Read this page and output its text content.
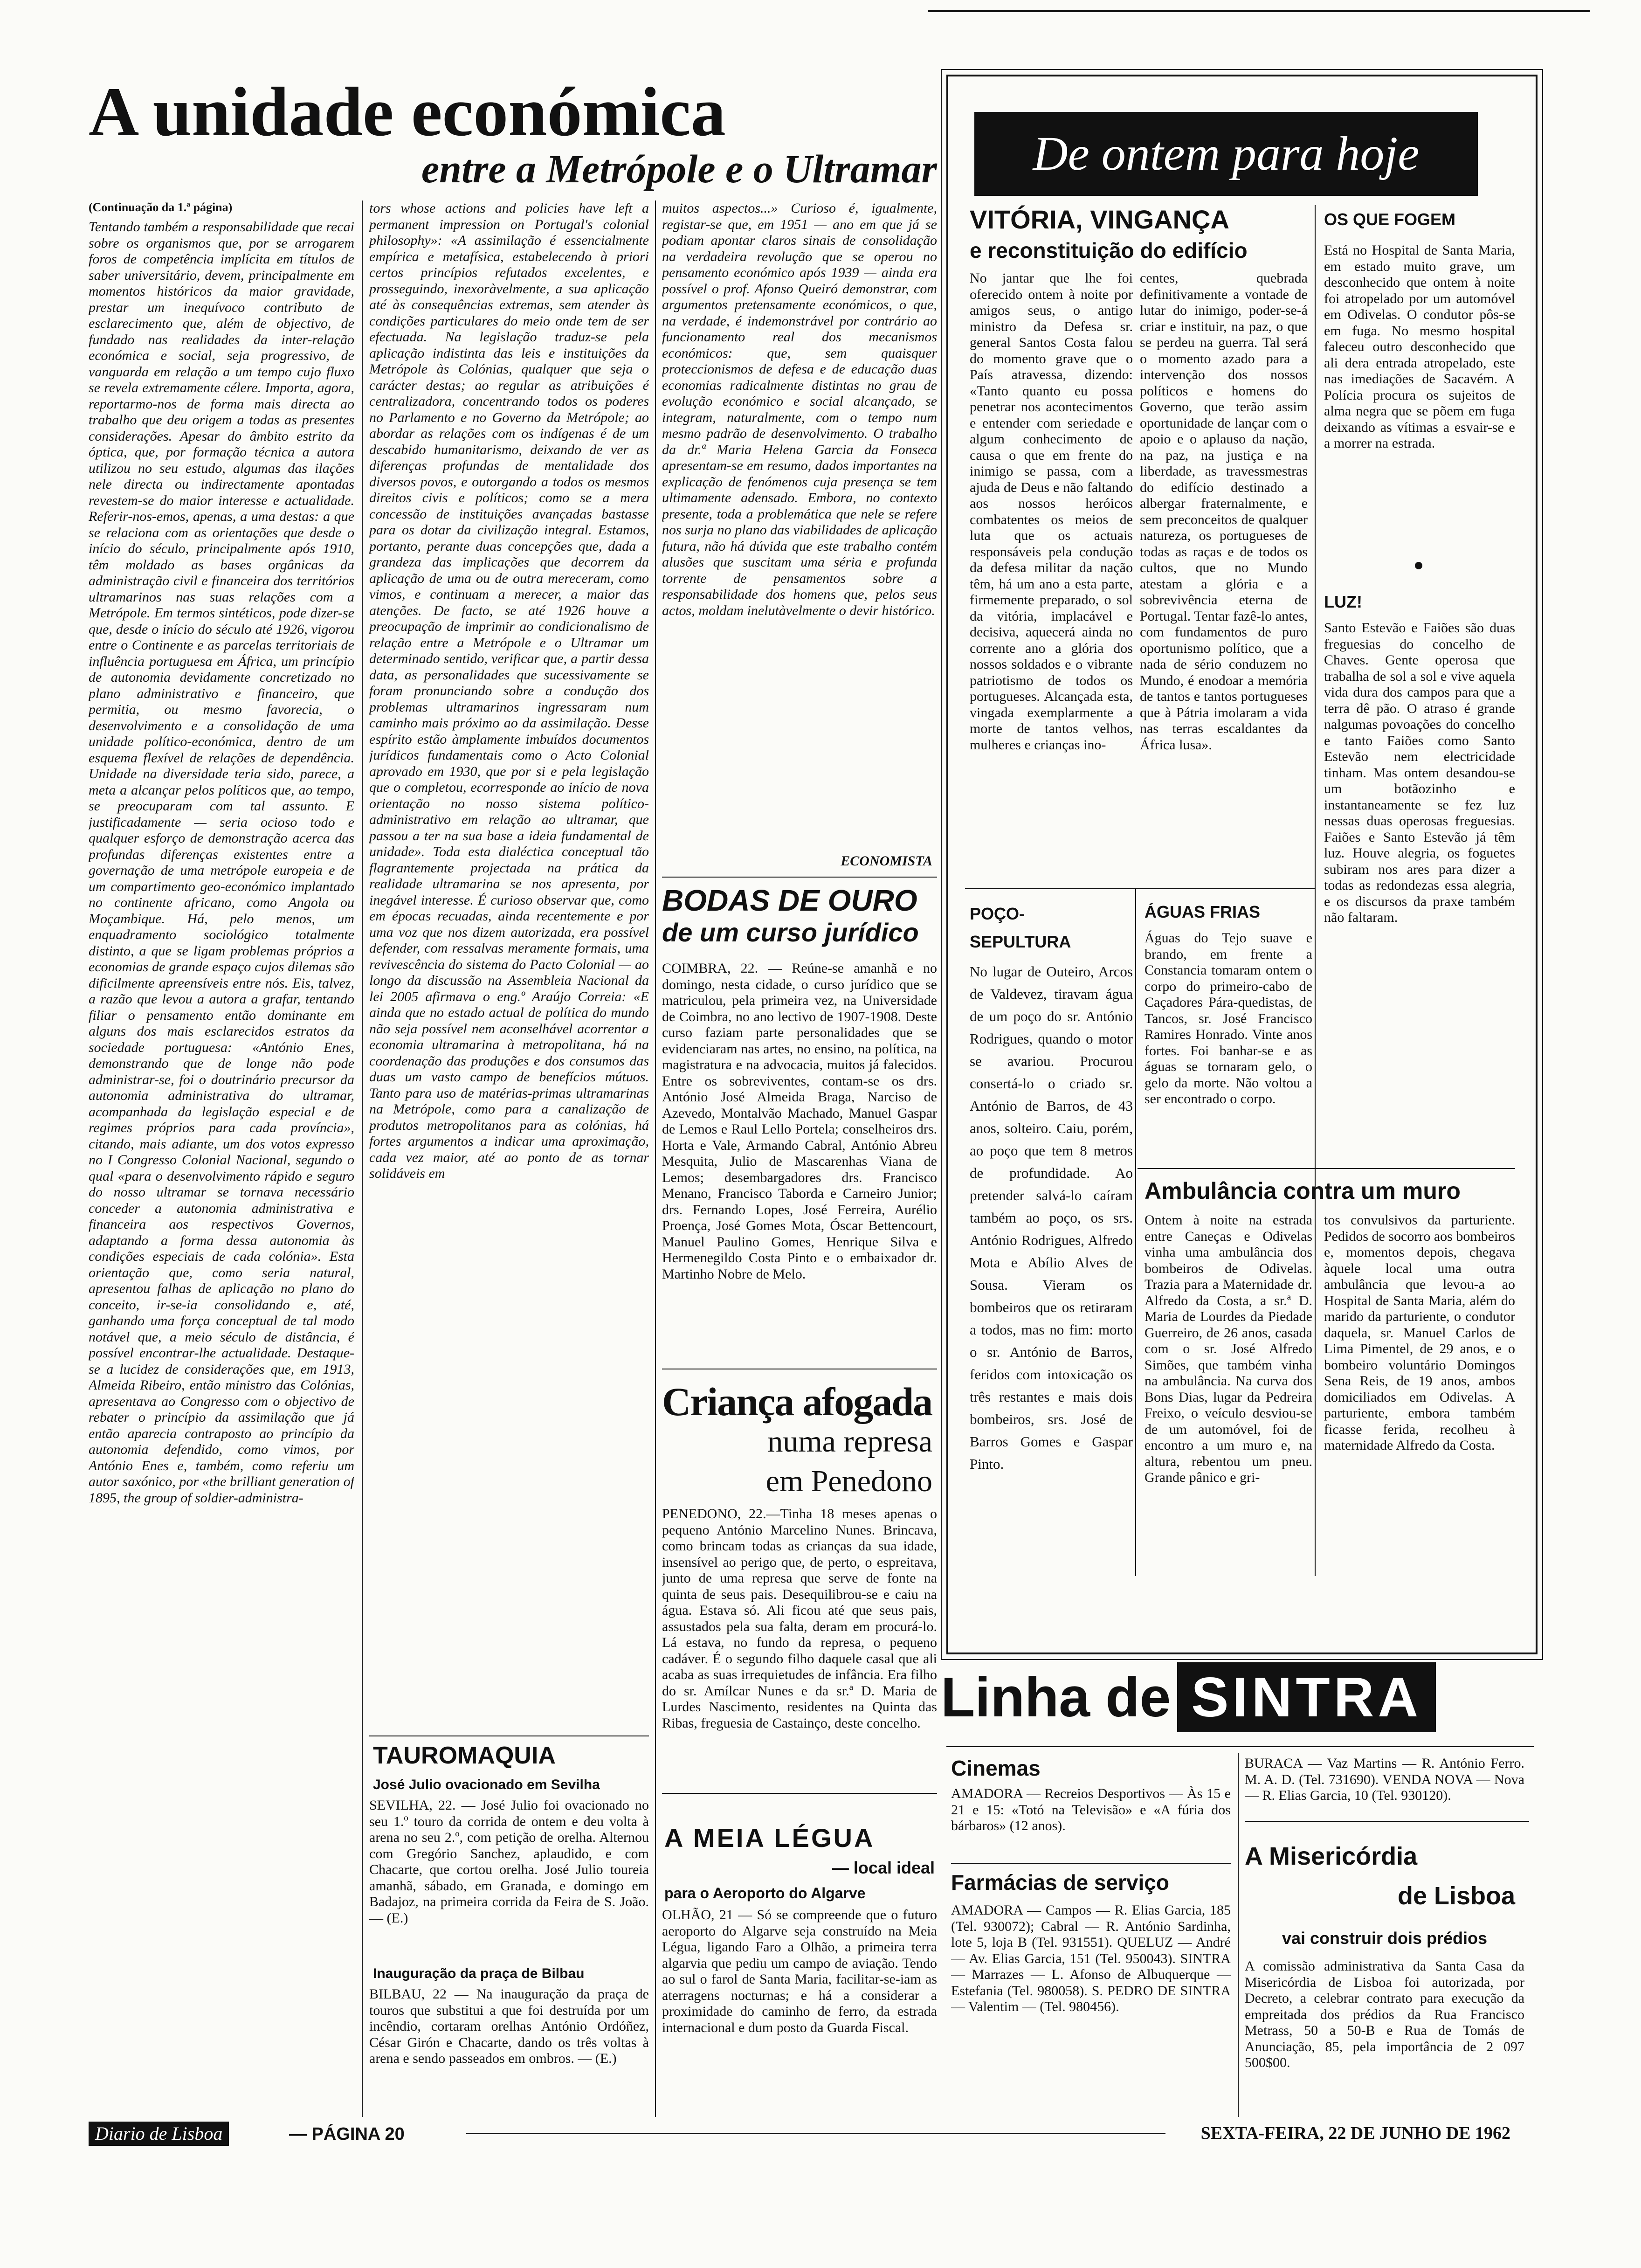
A unidade económica
entre a Metrópole e o Ultramar

(Continuação da 1.ª página)

Tentando também a responsabilidade que recai sobre os organismos que, por se arrogarem foros de competência implícita em títulos de saber universitário, devem, principalmente em momentos históricos da maior gravidade, prestar um inequívoco contributo de esclarecimento que, além de objectivo, de fundado nas realidades da inter-relação económica e social, seja progressivo, de vanguarda em relação a um tempo cujo fluxo se revela extremamente célere. Importa, agora, reportarmo-nos de forma mais directa ao trabalho que deu origem a todas as presentes considerações. Apesar do âmbito estrito da óptica, que, por formação técnica a autora utilizou no seu estudo, algumas das ilações nele directa ou indirectamente apontadas revestem-se do maior interesse e actualidade. Referir-nos-emos, apenas, a uma destas: a que se relaciona com as orientações que desde o início do século, principalmente após 1910, têm moldado as bases orgânicas da administração civil e financeira dos territórios ultramarinos nas suas relações com a Metrópole. Em termos sintéticos, pode dizer-se que, desde o início do século até 1926, vigorou entre o Continente e as parcelas territoriais de influência portuguesa em África, um princípio de autonomia devidamente concretizado no plano administrativo e financeiro, que permitia, ou mesmo favorecia, o desenvolvimento e a consolidação de uma unidade político-económica, dentro de um esquema flexível de relações de dependência. Unidade na diversidade teria sido, parece, a meta a alcançar pelos políticos que, ao tempo, se preocuparam com tal assunto. E justificadamente — seria ocioso todo e qualquer esforço de demonstração acerca das profundas diferenças existentes entre a governação de uma metrópole europeia e de um compartimento geo-económico implantado no continente africano, como Angola ou Moçambique. Há, pelo menos, um enquadramento sociológico totalmente distinto, a que se ligam problemas próprios a economias de grande espaço cujos dilemas são dificilmente apreensíveis entre nós. Eis, talvez, a razão que levou a autora a grafar, tentando filiar o pensamento então dominante em alguns dos mais esclarecidos estratos da sociedade portuguesa: «António Enes, demonstrando que de longe não pode administrar-se, foi o doutrinário precursor da autonomia administrativa do ultramar, acompanhada da legislação especial e de regimes próprios para cada província», citando, mais adiante, um dos votos expresso no I Congresso Colonial Nacional, segundo o qual «para o desenvolvimento rápido e seguro do nosso ultramar se tornava necessário conceder a autonomia administrativa e financeira aos respectivos Governos, adaptando a forma dessa autonomia às condições especiais de cada colónia». Esta orientação que, como seria natural, apresentou falhas de aplicação no plano do conceito, ir-se-ia consolidando e, até, ganhando uma força conceptual de tal modo notável que, a meio século de distância, é possível encontrar-lhe actualidade. Destaque-se a lucidez de considerações que, em 1913, Almeida Ribeiro, então ministro das Colónias, apresentava ao Congresso com o objectivo de rebater o princípio da assimilação que já então aparecia contraposto ao princípio da autonomia defendido, como vimos, por António Enes e, também, como referiu um autor saxónico, por «the brilliant generation of 1895, the group of soldier-administra-

tors whose actions and policies have left a permanent impression on Portugal's colonial philosophy»: «A assimilação é essencialmente empírica e metafísica, estabelecendo à priori certos princípios refutados excelentes, e prosseguindo, inexoràvelmente, a sua aplicação até às consequências extremas, sem atender às condições particulares do meio onde tem de ser efectuada. Na legislação traduz-se pela aplicação indistinta das leis e instituições da Metrópole às Colónias, qualquer que seja o carácter destas; ao regular as atribuições é centralizadora, concentrando todos os poderes no Parlamento e no Governo da Metrópole; ao abordar as relações com os indígenas é de um descabido humanitarismo, deixando de ver as diferenças profundas de mentalidade dos diversos povos, e outorgando a todos os mesmos direitos civis e políticos; como se a mera concessão de instituições avançadas bastasse para os dotar da civilização integral. Estamos, portanto, perante duas concepções que, dada a grandeza das implicações que decorrem da aplicação de uma ou de outra mereceram, como vimos, e continuam a merecer, a maior das atenções. De facto, se até 1926 houve a preocupação de imprimir ao condicionalismo de relação entre a Metrópole e o Ultramar um determinado sentido, verificar que, a partir dessa data, as personalidades que sucessivamente se foram pronunciando sobre a condução dos problemas ultramarinos ingressaram num caminho mais próximo ao da assimilação. Desse espírito estão àmplamente imbuídos documentos jurídicos fundamentais como o Acto Colonial aprovado em 1930, que por si e pela legislação que o completou, ecorresponde ao início de nova orientação no nosso sistema político-administrativo em relação ao ultramar, que passou a ter na sua base a ideia fundamental de unidade». Toda esta dialéctica conceptual tão flagrantemente projectada na prática da realidade ultramarina se nos apresenta, por inegável interesse. É curioso observar que, como em épocas recuadas, ainda recentemente e por uma voz que nos dizem autorizada, era possível defender, com ressalvas meramente formais, uma revivescência do sistema do Pacto Colonial — ao longo da discussão na Assembleia Nacional da lei 2005 afirmava o eng.º Araújo Correia: «E ainda que no estado actual de política do mundo não seja possível nem aconselhável acorrentar a economia ultramarina à metropolitana, há na coordenação das produções e dos consumos das duas um vasto campo de benefícios mútuos. Tanto para uso de matérias-primas ultramarinas na Metrópole, como para a canalização de produtos metropolitanos para as colónias, há fortes argumentos a indicar uma aproximação, cada vez maior, até ao ponto de as tornar solidáveis em

muitos aspectos...» Curioso é, igualmente, registar-se que, em 1951 — ano em que já se podiam apontar claros sinais de consolidação na verdadeira revolução que se operou no pensamento económico após 1939 — ainda era possível o prof. Afonso Queiró demonstrar, com argumentos pretensamente económicos, o que, na verdade, é indemonstrável por contrário ao funcionamento real dos mecanismos económicos: que, sem quaisquer proteccionismos de defesa e de educação duas economias radicalmente distintas no grau de evolução económico e social alcançado, se integram, naturalmente, com o tempo num mesmo padrão de desenvolvimento. O trabalho da dr.ª Maria Helena Garcia da Fonseca apresentam-se em resumo, dados importantes na explicação de fenómenos cuja presença se tem ultimamente adensado. Embora, no contexto presente, toda a problemática que nele se refere nos surja no plano das viabilidades de aplicação futura, não há dúvida que este trabalho contém alusões que suscitam uma séria e profunda torrente de pensamentos sobre a responsabilidade dos homens que, pelos seus actos, moldam inelutàvelmente o devir histórico.

ECONOMISTA
BODAS DE OURO
de um curso jurídico
COIMBRA, 22. — Reúne-se amanhã e no domingo, nesta cidade, o curso jurídico que se matriculou, pela primeira vez, na Universidade de Coimbra, no ano lectivo de 1907-1908. Deste curso faziam parte personalidades que se evidenciaram nas artes, no ensino, na política, na magistratura e na advocacia, muitos já falecidos. Entre os sobreviventes, contam-se os drs. António José Almeida Braga, Narciso de Azevedo, Montalvão Machado, Manuel Gaspar de Lemos e Raul Lello Portela; conselheiros drs. Horta e Vale, Armando Cabral, António Abreu Mesquita, Julio de Mascarenhas Viana de Lemos; desembargadores drs. Francisco Menano, Francisco Taborda e Carneiro Junior; drs. Fernando Lopes, José Ferreira, Aurélio Proença, José Gomes Mota, Óscar Bettencourt, Manuel Paulino Gomes, Henrique Silva e Hermenegildo Costa Pinto e o embaixador dr. Martinho Nobre de Melo.
Criança afogada
numa represa
em Penedono
PENEDONO, 22.—Tinha 18 meses apenas o pequeno António Marcelino Nunes. Brincava, como brincam todas as crianças da sua idade, insensível ao perigo que, de perto, o espreitava, junto de uma represa que serve de fonte na quinta de seus pais. Desequilibrou-se e caiu na água. Estava só. Ali ficou até que seus pais, assustados pela sua falta, deram em procurá-lo. Lá estava, no fundo da represa, o pequeno cadáver. É o segundo filho daquele casal que ali acaba as suas irrequietudes de infância. Era filho do sr. Amílcar Nunes e da sr.ª D. Maria de Lurdes Nascimento, residentes na Quinta das Ribas, freguesia de Castainço, deste concelho.
TAUROMAQUIA
José Julio ovacionado em Sevilha
SEVILHA, 22. — José Julio foi ovacionado no seu 1.º touro da corrida de ontem e deu volta à arena no seu 2.º, com petição de orelha. Alternou com Gregório Sanchez, aplaudido, e com Chacarte, que cortou orelha. José Julio toureia amanhã, sábado, em Granada, e domingo em Badajoz, na primeira corrida da Feira de S. João. — (E.)
Inauguração da praça de Bilbau
BILBAU, 22 — Na inauguração da praça de touros que substitui a que foi destruída por um incêndio, cortaram orelhas António Ordóñez, César Girón e Chacarte, dando os três voltas à arena e sendo passeados em ombros. — (E.)
A MEIA LÉGUA
— local ideal
para o Aeroporto do Algarve
OLHÃO, 21 — Só se compreende que o futuro aeroporto do Algarve seja construído na Meia Légua, ligando Faro a Olhão, a primeira terra algarvia que pediu um campo de aviação. Tendo ao sul o farol de Santa Maria, facilitar-se-iam as aterragens nocturnas; e há a considerar a proximidade do caminho de ferro, da estrada internacional e dum posto da Guarda Fiscal.
De ontem para hoje
VITÓRIA, VINGANÇA
e reconstituição do edifício
No jantar que lhe foi oferecido ontem à noite por amigos seus, o antigo ministro da Defesa sr. general Santos Costa falou do momento grave que o País atravessa, dizendo: «Tanto quanto eu possa penetrar nos acontecimentos e entender com seriedade e algum conhecimento de causa o que em frente do inimigo se passa, com a ajuda de Deus e não faltando aos nossos heróicos combatentes os meios de luta que os actuais responsáveis pela condução da defesa militar da nação têm, há um ano a esta parte, firmemente preparado, o sol da vitória, implacável e decisiva, aquecerá ainda no corrente ano a glória dos nossos soldados e o vibrante patriotismo de todos os portugueses. Alcançada esta, vingada exemplarmente a morte de tantos velhos, mulheres e crianças ino-
centes, quebrada definitivamente a vontade de lutar do inimigo, poder-se-á criar e instituir, na paz, o que se perdeu na guerra. Tal será o momento azado para a intervenção dos nossos políticos e homens do Governo, que terão assim oportunidade de lançar com o apoio e o aplauso da nação, na paz, na justiça e na liberdade, as travessmestras do edifício destinado a albergar fraternalmente, e sem preconceitos de qualquer natureza, os portugueses de todas as raças e de todos os cultos, que no Mundo atestam a glória e a sobrevivência eterna de Portugal. Tentar fazê-lo antes, com fundamentos de puro oportunismo político, que a nada de sério conduzem no Mundo, é enodoar a memória de tantos e tantos portugueses que à Pátria imolaram a vida nas terras escaldantes da África lusa».
OS QUE FOGEM
Está no Hospital de Santa Maria, em estado muito grave, um desconhecido que ontem à noite foi atropelado por um automóvel em Odivelas. O condutor pôs-se em fuga. No mesmo hospital faleceu outro desconhecido que ali dera entrada atropelado, este nas imediações de Sacavém. A Polícia procura os sujeitos de alma negra que se põem em fuga deixando as vítimas a esvair-se e a morrer na estrada.
LUZ!
Santo Estevão e Faiões são duas freguesias do concelho de Chaves. Gente operosa que trabalha de sol a sol e vive aquela vida dura dos campos para que a terra dê pão. O atraso é grande nalgumas povoações do concelho e tanto Faiões como Santo Estevão nem electricidade tinham. Mas ontem desandou-se um botãozinho e instantaneamente se fez luz nessas duas operosas freguesias. Faiões e Santo Estevão já têm luz. Houve alegria, os foguetes subiram nos ares para dizer a todas as redondezas essa alegria, e os discursos da praxe também não faltaram.
POÇO-SEPULTURA
No lugar de Outeiro, Arcos de Valdevez, tiravam água de um poço do sr. António Rodrigues, quando o motor se avariou. Procurou consertá-lo o criado sr. António de Barros, de 43 anos, solteiro. Caiu, porém, ao poço que tem 8 metros de profundidade. Ao pretender salvá-lo caíram também ao poço, os srs. António Rodrigues, Alfredo Mota e Abílio Alves de Sousa. Vieram os bombeiros que os retiraram a todos, mas no fim: morto o sr. António de Barros, feridos com intoxicação os três restantes e mais dois bombeiros, srs. José de Barros Gomes e Gaspar Pinto.
ÁGUAS FRIAS
Águas do Tejo suave e brando, em frente a Constancia tomaram ontem o corpo do primeiro-cabo de Caçadores Pára-quedistas, de Tancos, sr. José Francisco Ramires Honrado. Vinte anos fortes. Foi banhar-se e as águas se tornaram gelo, o gelo da morte. Não voltou a ser encontrado o corpo.
Ambulância contra um muro
Ontem à noite na estrada entre Caneças e Odivelas vinha uma ambulância dos bombeiros de Odivelas. Trazia para a Maternidade dr. Alfredo da Costa, a sr.ª D. Maria de Lourdes da Piedade Guerreiro, de 26 anos, casada com o sr. José Alfredo Simões, que também vinha na ambulância. Na curva dos Bons Dias, lugar da Pedreira Freixo, o veículo desviou-se de um automóvel, foi de encontro a um muro e, na altura, rebentou um pneu. Grande pânico e gri-
tos convulsivos da parturiente. Pedidos de socorro aos bombeiros e, momentos depois, chegava àquele local uma outra ambulância que levou-a ao Hospital de Santa Maria, além do marido da parturiente, o condutor daquela, sr. Manuel Carlos de Lima Pimentel, de 29 anos, e o bombeiro voluntário Domingos Sena Reis, de 19 anos, ambos domiciliados em Odivelas. A parturiente, embora também ficasse ferida, recolheu à maternidade Alfredo da Costa.
Linha de SINTRA
Cinemas
AMADORA — Recreios Desportivos — Às 15 e 21 e 15: «Totó na Televisão» e «A fúria dos bárbaros» (12 anos).
Farmácias de serviço
AMADORA — Campos — R. Elias Garcia, 185 (Tel. 930072); Cabral — R. António Sardinha, lote 5, loja B (Tel. 931551). QUELUZ — André — Av. Elias Garcia, 151 (Tel. 950043). SINTRA — Marrazes — L. Afonso de Albuquerque — Estefania (Tel. 980058). S. PEDRO DE SINTRA — Valentim — (Tel. 980456).
BURACA — Vaz Martins — R. António Ferro. M. A. D. (Tel. 731690). VENDA NOVA — Nova — R. Elias Garcia, 10 (Tel. 930120).
A Misericórdia
de Lisboa
vai construir dois prédios
A comissão administrativa da Santa Casa da Misericórdia de Lisboa foi autorizada, por Decreto, a celebrar contrato para execução da empreitada dos prédios da Rua Francisco Metrass, 50 a 50-B e Rua de Tomás de Anunciação, 85, pela importância de 2 097 500$00.
Diario de Lisboa	— PÁGINA 20	SEXTA-FEIRA, 22 DE JUNHO DE 1962
